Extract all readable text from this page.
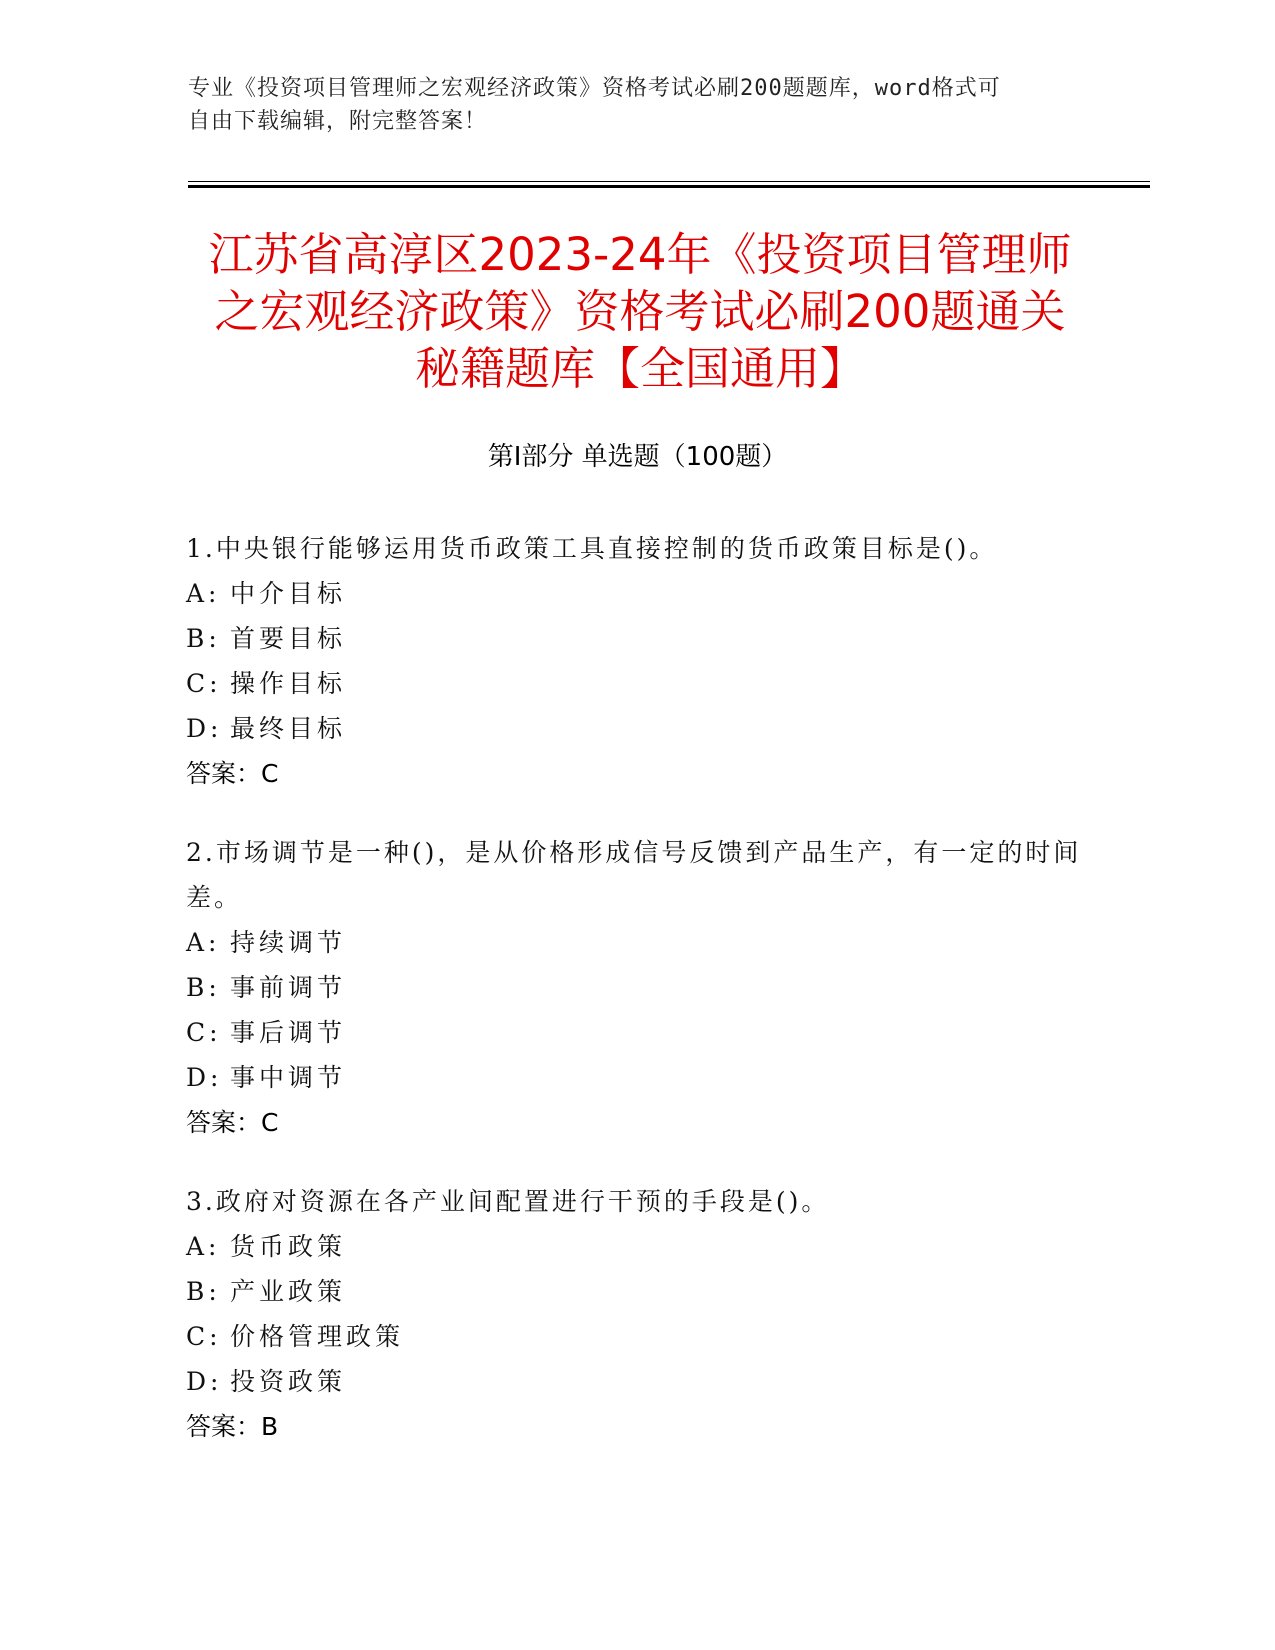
专业《投资项目管理师之宏观经济政策》资格考试必刷200题题库，word格式可
自由下载编辑，附完整答案！
江苏省高淳区2023-24年《投资项目管理师
之宏观经济政策》资格考试必刷200题通关
秘籍题库【全国通用】
第Ⅰ部分 单选题（100题）
1.中央银行能够运用货币政策工具直接控制的货币政策目标是()。
A: 中介目标
B: 首要目标
C: 操作目标
D: 最终目标
答案：C
2.市场调节是一种()，是从价格形成信号反馈到产品生产，有一定的时间差。
A: 持续调节
B: 事前调节
C: 事后调节
D: 事中调节
答案：C
3.政府对资源在各产业间配置进行干预的手段是()。
A: 货币政策
B: 产业政策
C: 价格管理政策
D: 投资政策
答案：B
